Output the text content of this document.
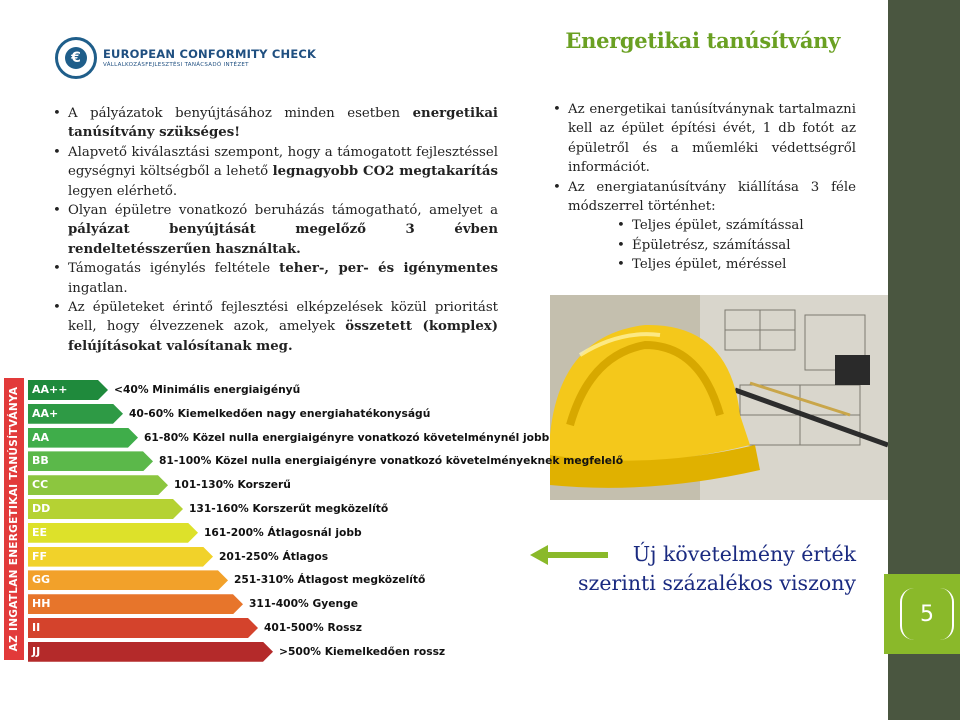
5
Energetikai tanúsítvány
€	EUROPEAN CONFORMITY CHECK
VÁLLALKOZÁSFEJLESZTÉSI TANÁCSADÓ INTÉZET
• A pályázatok benyújtásához minden esetben energetikai tanúsítvány szükséges!
• Alapvető kiválasztási szempont, hogy a támogatott fejlesztéssel egységnyi költségből a lehető legnagyobb CO2 megtakarítás legyen elérhető.
• Olyan épületre vonatkozó beruházás támogatható, amelyet a pályázat benyújtását megelőző 3 évben rendeltetésszerűen használtak.
• Támogatás igénylés feltétele teher-, per- és igénymentes ingatlan.
• Az épületeket érintő fejlesztési elképzelések közül prioritást kell, hogy élvezzenek azok, amelyek összetett (komplex) felújításokat valósítanak meg.
• Az energetikai tanúsítványnak tartalmazni kell az épület építési évét, 1 db fotót az épületről és a műemléki védettségről információt.
• Az energiatanúsítvány kiállítása 3 féle módszerrel történhet:
• Teljes épület, számítással
• Épületrész, számítással
• Teljes épület, méréssel
AZ INGATLAN ENERGETIKAI TANÚSÍTVÁNYA AA++	<40% Minimális energiaigényű
AA+	40-60% Kiemelkedően nagy energiahatékonyságú
AA	61-80% Közel nulla energiaigényre vonatkozó követelménynél jobb
BB	81-100% Közel nulla energiaigényre vonatkozó követelményeknek megfelelő
CC	101-130% Korszerű
DD	131-160% Korszerűt megközelítő
EE	161-200% Átlagosnál jobb
FF	201-250% Átlagos
GG	251-310% Átlagost megközelítő
HH	311-400% Gyenge
II	401-500% Rossz
JJ	>500% Kiemelkedően rossz
Új követelmény érték
szerinti százalékos viszony
